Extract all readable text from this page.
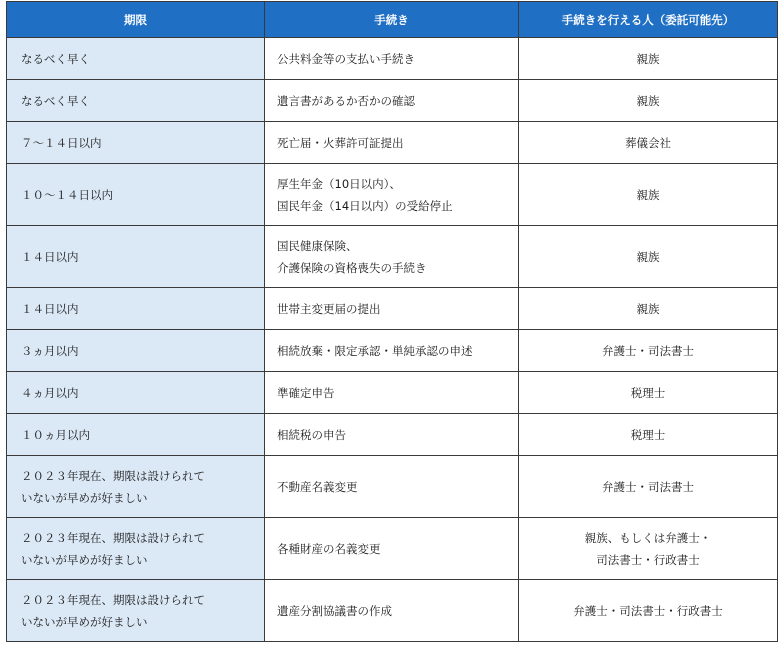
期限	手続き	手続きを行える人（委託可能先）

なるべく早く	公共料金等の支払い手続き	親族

なるべく早く	遺言書があるか否かの確認	親族

７～１４日以内	死亡届・火葬許可証提出	葬儀会社

１０～１４日以内	厚生年金（10日以内）、
国民年金（14日以内）の受給停止	親族

１４日以内	国民健康保険、
介護保険の資格喪失の手続き	親族

１４日以内	世帯主変更届の提出	親族

３ヵ月以内	相続放棄・限定承認・単純承認の申述	弁護士・司法書士

４ヵ月以内	準確定申告	税理士

１０ヵ月以内	相続税の申告	税理士

２０２３年現在、期限は設けられて
いないが早めが好ましい	不動産名義変更	弁護士・司法書士

２０２３年現在、期限は設けられて
いないが早めが好ましい	各種財産の名義変更	親族、もしくは弁護士・
司法書士・行政書士

２０２３年現在、期限は設けられて
いないが早めが好ましい	遺産分割協議書の作成	弁護士・司法書士・行政書士
